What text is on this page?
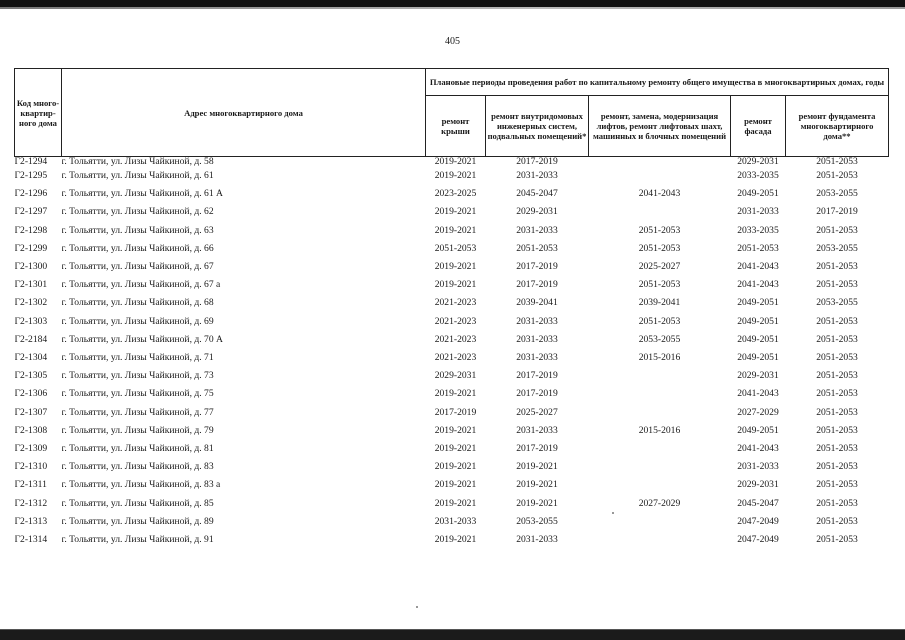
405
Код много-квартир-ного дома	Адрес многоквартирного дома	Плановые периоды проведения работ по капитальному ремонту общего имущества в многоквартирных домах, годы				
		ремонт крыши	ремонт внутридомовых инженерных систем, подвальных помещений*	ремонт, замена, модернизация лифтов, ремонт лифтовых шахт, машинных и блочных помещений	ремонт фасада	ремонт фундамента многоквартирного дома**
Г2-1294	г. Тольятти, ул. Лизы Чайкиной, д. 58	2019-2021	2017-2019		2029-2031	2051-2053
Г2-1295	г. Тольятти, ул. Лизы Чайкиной, д. 61	2019-2021	2031-2033		2033-2035	2051-2053
Г2-1296	г. Тольятти, ул. Лизы Чайкиной, д. 61 А	2023-2025	2045-2047	2041-2043	2049-2051	2053-2055
Г2-1297	г. Тольятти, ул. Лизы Чайкиной, д. 62	2019-2021	2029-2031		2031-2033	2017-2019
Г2-1298	г. Тольятти, ул. Лизы Чайкиной, д. 63	2019-2021	2031-2033	2051-2053	2033-2035	2051-2053
Г2-1299	г. Тольятти, ул. Лизы Чайкиной, д. 66	2051-2053	2051-2053	2051-2053	2051-2053	2053-2055
Г2-1300	г. Тольятти, ул. Лизы Чайкиной, д. 67	2019-2021	2017-2019	2025-2027	2041-2043	2051-2053
Г2-1301	г. Тольятти, ул. Лизы Чайкиной, д. 67 а	2019-2021	2017-2019	2051-2053	2041-2043	2051-2053
Г2-1302	г. Тольятти, ул. Лизы Чайкиной, д. 68	2021-2023	2039-2041	2039-2041	2049-2051	2053-2055
Г2-1303	г. Тольятти, ул. Лизы Чайкиной, д. 69	2021-2023	2031-2033	2051-2053	2049-2051	2051-2053
Г2-2184	г. Тольятти, ул. Лизы Чайкиной, д. 70 А	2021-2023	2031-2033	2053-2055	2049-2051	2051-2053
Г2-1304	г. Тольятти, ул. Лизы Чайкиной, д. 71	2021-2023	2031-2033	2015-2016	2049-2051	2051-2053
Г2-1305	г. Тольятти, ул. Лизы Чайкиной, д. 73	2029-2031	2017-2019		2029-2031	2051-2053
Г2-1306	г. Тольятти, ул. Лизы Чайкиной, д. 75	2019-2021	2017-2019		2041-2043	2051-2053
Г2-1307	г. Тольятти, ул. Лизы Чайкиной, д. 77	2017-2019	2025-2027		2027-2029	2051-2053
Г2-1308	г. Тольятти, ул. Лизы Чайкиной, д. 79	2019-2021	2031-2033	2015-2016	2049-2051	2051-2053
Г2-1309	г. Тольятти, ул. Лизы Чайкиной, д. 81	2019-2021	2017-2019		2041-2043	2051-2053
Г2-1310	г. Тольятти, ул. Лизы Чайкиной, д. 83	2019-2021	2019-2021		2031-2033	2051-2053
Г2-1311	г. Тольятти, ул. Лизы Чайкиной, д. 83 а	2019-2021	2019-2021		2029-2031	2051-2053
Г2-1312	г. Тольятти, ул. Лизы Чайкиной, д. 85	2019-2021	2019-2021	2027-2029	2045-2047	2051-2053
Г2-1313	г. Тольятти, ул. Лизы Чайкиной, д. 89	2031-2033	2053-2055		2047-2049	2051-2053
Г2-1314	г. Тольятти, ул. Лизы Чайкиной, д. 91	2019-2021	2031-2033		2047-2049	2051-2053
